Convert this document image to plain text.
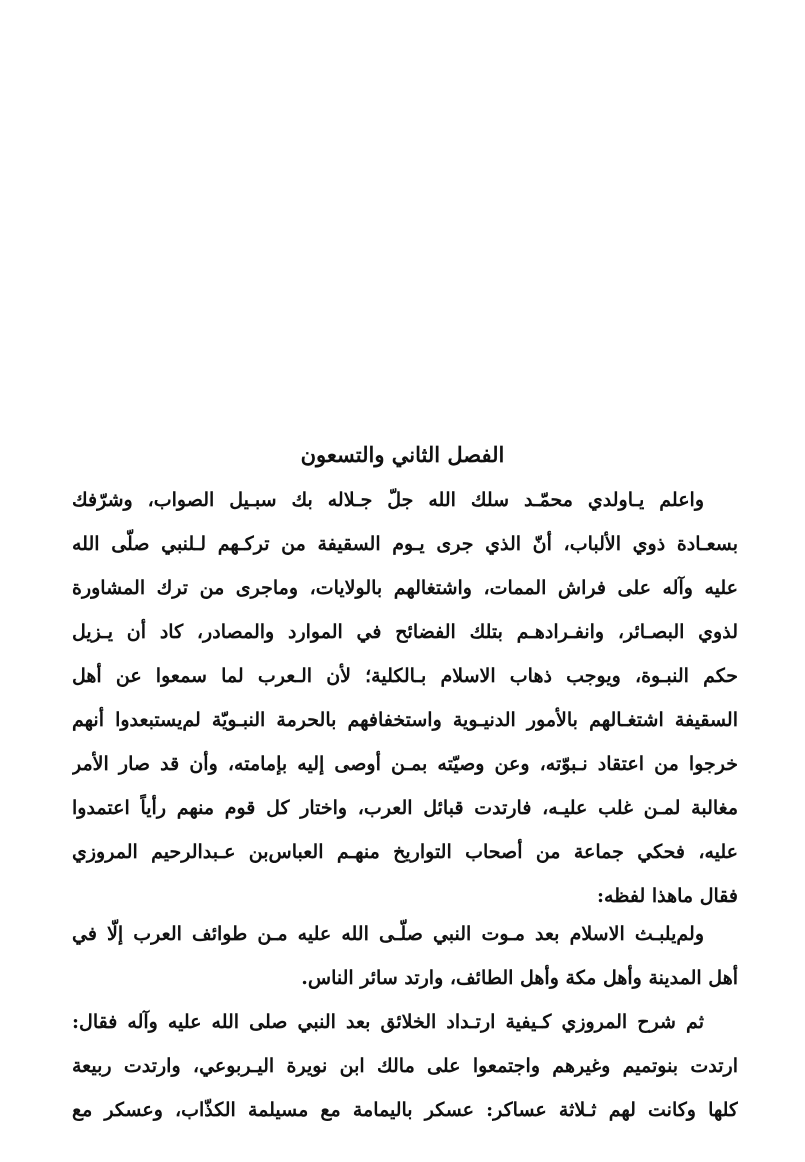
الفصل الثاني والتسعون
واعلم يـاولدي محمّـد سلك الله جلّ جـلاله بك سبـيل الصواب، وشرّفك
بسعـادة ذوي الألباب، أنّ الذي جرى يـوم السقيفة من تركـهم لـلنبي صلّى الله
عليه وآله على فراش الممات، واشتغالهم بالولايات، وماجرى من ترك المشاورة
لذوي البصـائر، وانفـرادهـم بتلك الفضائح في الموارد والمصادر، كاد أن يـزيل
حكم النبـوة، ويوجب ذهاب الاسلام بـالكلية؛ لأن الـعرب لما سمعوا عن أهل
السقيفة اشتغـالهم بالأمور الدنيـوية واستخفافهم بالحرمة النبـويّة لم‌يستبعدوا أنهم
خرجوا من اعتقاد نـبوّته، وعن وصيّته بمـن أوصى إليه بإمامته، وأن قد صار الأمر
مغالبة لمـن غلب عليـه، فارتدت قبائل العرب، واختار كل قوم منهم رأياً اعتمدوا
عليه، فحكي جماعة من أصحاب التواريخ منهـم العباس‌بن عـبدالرحيم المروزي
فقال ماهذا لفظه:
ولم‌يلبـث الاسلام بعد مـوت النبي صلّـى الله عليه مـن طوائف العرب إلّا في
أهل المدينة وأهل مكة وأهل الطائف، وارتد سائر الناس.
ثم شرح المروزي كـيفية ارتـداد الخلائق بعد النبي صلى الله عليه وآله فقال:
ارتدت بنوتميم وغيرهم واجتمعوا على مالك ابن نويرة اليـربوعي، وارتدت ربيعة
كلها وكانت لهم ثـلاثة عساكر: عسكر باليمامة مع مسيلمة الكذّاب، وعسكر مع
